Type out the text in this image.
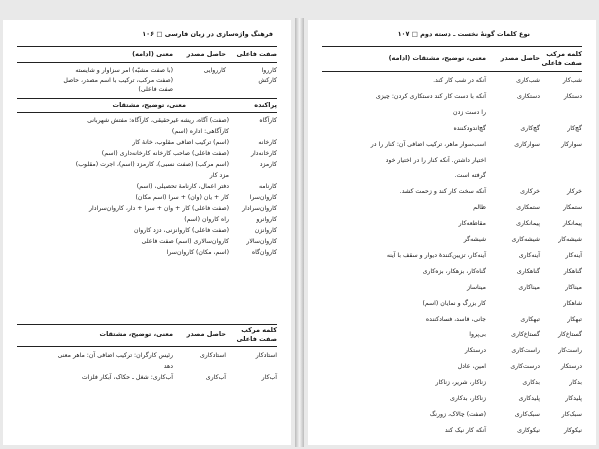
۱۰۶ □ فرهنگ واژه‌سازی در زبان فارسی
صفت فاعلی
حاصل مصدر
معنی (ادامه)
کارروا
کارروایی
(با صفت مشبّه) امر سزاوار و شایسته
کارکش
(صفت مرکب، ترکیب با اسم مصدر، حاصل
صفت فاعلی)
پراکنده
معنی، توضیح، مشتقات
کارآگاه
(صفت) آگاه، ریشه غیرحقیقی، کارآگاه: مفتش شهربانی
کارآگاهی: اداره (اسم)
کارخانه
(اسم) ترکیب اضافی مقلوب، خانهٔ کار
کارخانه‌دار
(صفت فاعلی) صاحب کارخانه کارخانه‌داری (اسم)
کارمزد
(اسم مرکب) (صفت نسبی)، کارمزد (اسم)، اجرت (مقلوب)
مزد کار
کارنامه
دفتر اعمال، کارنامهٔ تحصیلی، (اسم)
کاروان‌سرا
کار + یان (وان) + سرا (اسم مکان)
کاروان‌سرادار
(صفت فاعلی) کار + وان + سرا + دار، کاروان‌سرادار
کاروانرو
راه کاروان (اسم)
کاروانزن
(صفت فاعلی) کاروانزنی، دزد کاروان
کاروان‌سالار
کاروان‌سالاری (اسم) صفت فاعلی
کاروان‌گاه
(اسم، مکان) کاروان‌سرا
کلمه مرکب
صفت فاعلی
حاصل مصدر
معنی، توضیح، مشتقات
استادکار
استادکاری
رئیس کارگران: ترکیب اضافی آن: ماهر معنی
دهد
آب‌کار
آب‌کاری
آب‌کاری: شغل ـ حکاک، آبکار فلزات
نوع کلمات گونهٔ نخست ـ دسته دوم □ ۱۰۷
کلمه مرکب
صفت فاعلی
حاصل مصدر
معنی، توضیح، مشتقات (ادامه)
شب‌کار
شب‌کاری
آنکه در شب کار کند.
دستکار
دستکاری
آنکه با دست کار کند دستکاری کردن: چیزی
را دست زدن
گچ‌کار
گچ‌کاری
گچ‌اندودکننده
سوارکار
سوارکاری
اسب‌سوار ماهر، ترکیب اضافی آن: کنار را در
اختیار داشتن. آنکه کنار را در اختیار خود
گرفته است.
خرکار
خرکاری
آنکه سخت کار کند و زحمت کشد.
ستمکار
ستمکاری
ظالم
پیمانکار
پیمانکاری
مقاطعه‌کار
شیشه‌کار
شیشه‌کاری
شیشه‌گر
آینه‌کار
آینه‌کاری
آینه‌کار، تزیین‌کنندهٔ دیوار و سقف با آینه
گناهکار
گناهکاری
گناه‌کار، بزهکار، بزه‌کاری
میناکار
میناکاری
میناساز
شاهکار
کار بزرگ و نمایان (اسم)
تبهکار
تبهکاری
جانی، فاسد، فسادکننده
گستاخ‌کار
گستاخ‌کاری
بی‌پروا
راست‌کار
راست‌کاری
درستکار
درستکار
درست‌کاری
امین، عادل
بدکار
بدکاری
زناکار، شریر، زناکار
پلیدکار
پلیدکاری
زناکار، بدکاری
سبک‌کار
سبک‌کاری
(صفت) چالاک، زورنگ
نیکوکار
نیکوکاری
آنکه کار نیک کند
